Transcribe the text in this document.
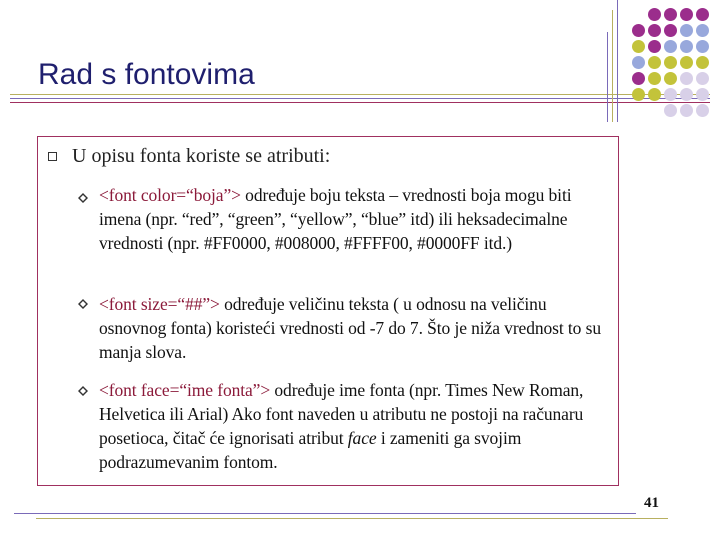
Rad s fontovima
U opisu fonta koriste se atributi:
<font color=“boja”> određuje boju teksta – vrednosti boja mogu biti imena (npr. “red”, “green”, “yellow”, “blue” itd) ili heksadecimalne vrednosti (npr. #FF0000, #008000, #FFFF00, #0000FF itd.)
<font size=“##”> određuje veličinu teksta ( u odnosu na veličinu osnovnog fonta) koristeći vrednosti od -7 do 7. Što je niža vrednost to su manja slova.
<font face=“ime fonta”> određuje ime fonta (npr. Times New Roman, Helvetica ili Arial) Ako font naveden u atributu ne postoji na računaru posetioca, čitač će ignorisati atribut face i zameniti ga svojim podrazumevanim fontom.
41
